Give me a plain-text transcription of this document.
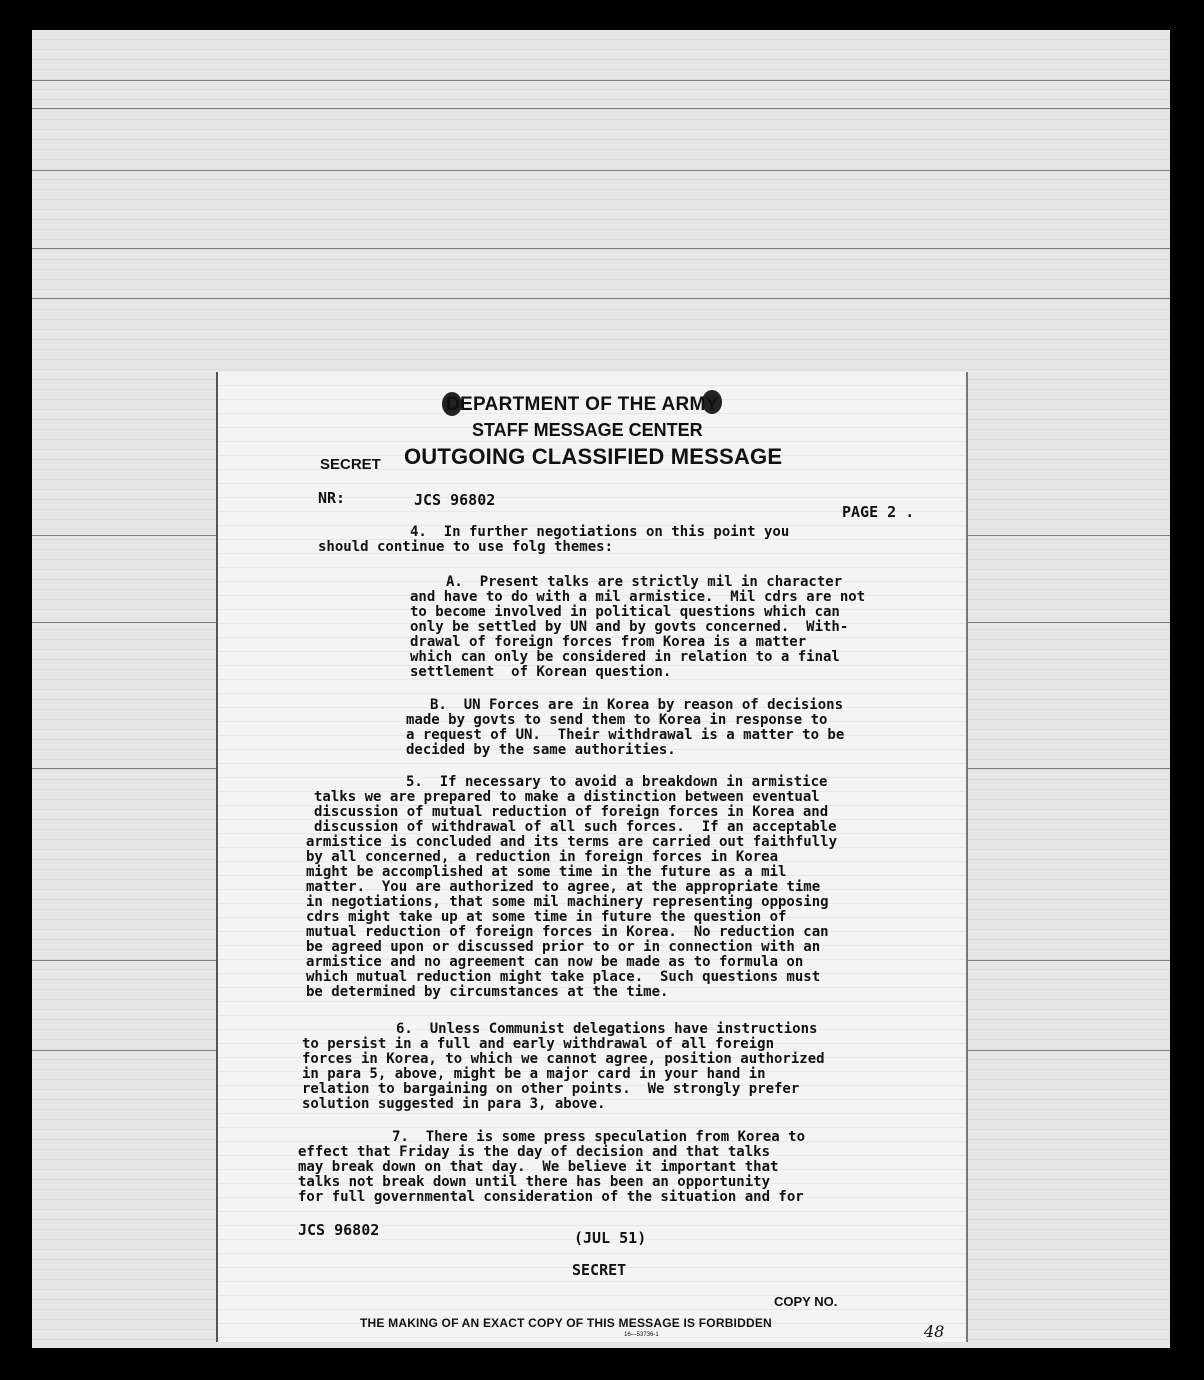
DEPARTMENT OF THE ARMY
STAFF MESSAGE CENTER
SECRET OUTGOING CLASSIFIED MESSAGE
NR:	JCS 96802
PAGE 2 .
4.  In further negotiations on this point you
should continue to use folg themes:
A.  Present talks are strictly mil in character
and have to do with a mil armistice.  Mil cdrs are not
to become involved in political questions which can
only be settled by UN and by govts concerned.  With-
drawal of foreign forces from Korea is a matter
which can only be considered in relation to a final
settlement  of Korean question.
B.  UN Forces are in Korea by reason of decisions
made by govts to send them to Korea in response to
a request of UN.  Their withdrawal is a matter to be
decided by the same authorities.
5.  If necessary to avoid a breakdown in armistice
talks we are prepared to make a distinction between eventual
discussion of mutual reduction of foreign forces in Korea and
discussion of withdrawal of all such forces.  If an acceptable
armistice is concluded and its terms are carried out faithfully
by all concerned, a reduction in foreign forces in Korea
might be accomplished at some time in the future as a mil
matter.  You are authorized to agree, at the appropriate time
in negotiations, that some mil machinery representing opposing
cdrs might take up at some time in future the question of
mutual reduction of foreign forces in Korea.  No reduction can
be agreed upon or discussed prior to or in connection with an
armistice and no agreement can now be made as to formula on
which mutual reduction might take place.  Such questions must
be determined by circumstances at the time.
6.  Unless Communist delegations have instructions
to persist in a full and early withdrawal of all foreign
forces in Korea, to which we cannot agree, position authorized
in para 5, above, might be a major card in your hand in
relation to bargaining on other points.  We strongly prefer
solution suggested in para 3, above.
7.  There is some press speculation from Korea to
effect that Friday is the day of decision and that talks
may break down on that day.  We believe it important that
talks not break down until there has been an opportunity
for full governmental consideration of the situation and for
JCS 96802	(JUL 51)
SECRET
COPY NO.
THE MAKING OF AN EXACT COPY OF THIS MESSAGE IS FORBIDDEN
16—53736-1	48
